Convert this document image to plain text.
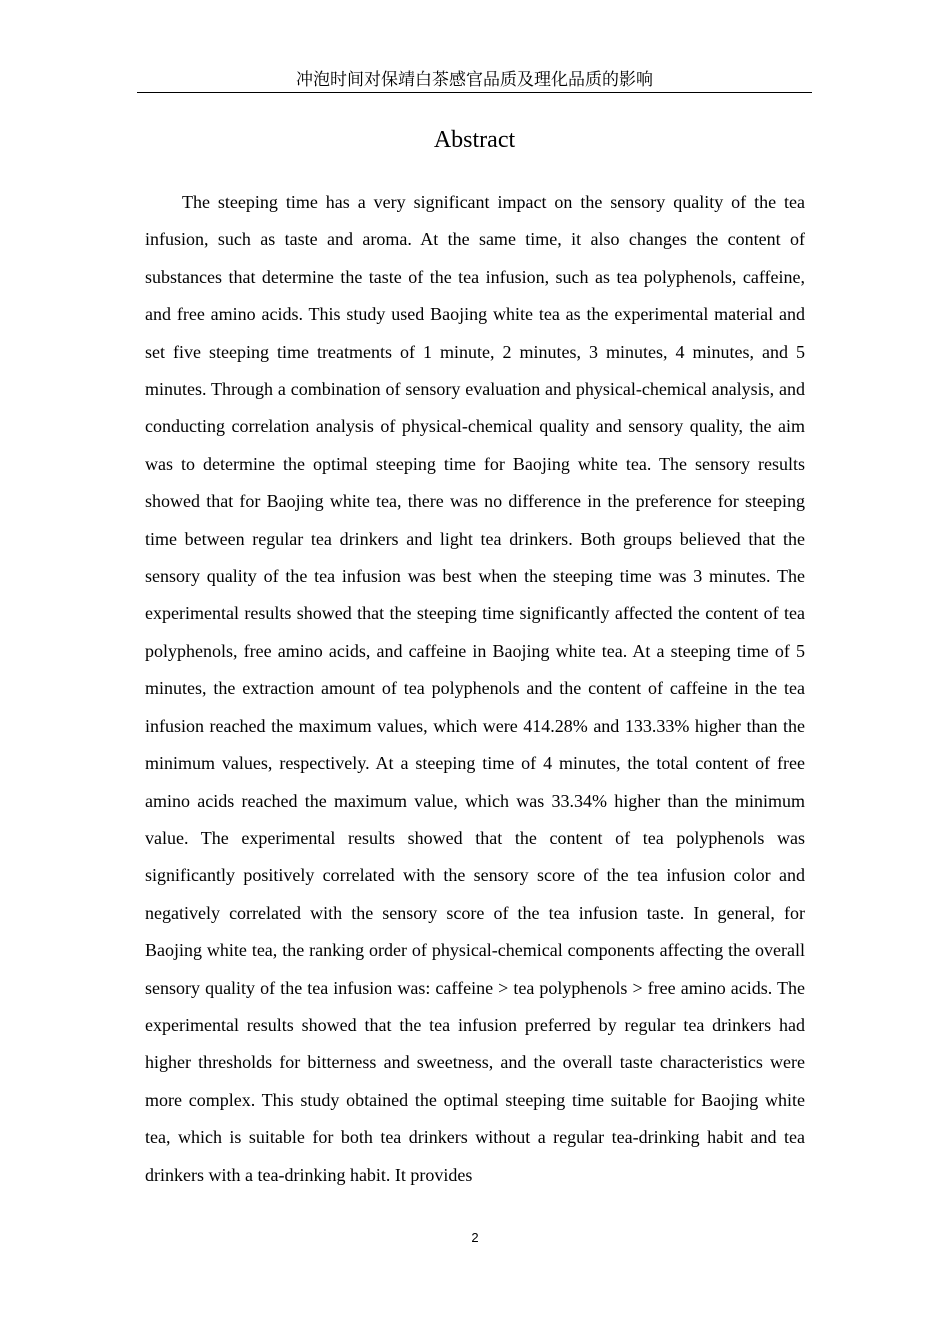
冲泡时间对保靖白茶感官品质及理化品质的影响
Abstract

The steeping time has a very significant impact on the sensory quality of the tea infusion, such as taste and aroma. At the same time, it also changes the content of substances that determine the taste of the tea infusion, such as tea polyphenols, caffeine, and free amino acids. This study used Baojing white tea as the experimental material and set five steeping time treatments of 1 minute, 2 minutes, 3 minutes, 4 minutes, and 5 minutes. Through a combination of sensory evaluation and physical-chemical analysis, and conducting correlation analysis of physical-chemical quality and sensory quality, the aim was to determine the optimal steeping time for Baojing white tea. The sensory results showed that for Baojing white tea, there was no difference in the preference for steeping time between regular tea drinkers and light tea drinkers. Both groups believed that the sensory quality of the tea infusion was best when the steeping time was 3 minutes. The experimental results showed that the steeping time significantly affected the content of tea polyphenols, free amino acids, and caffeine in Baojing white tea. At a steeping time of 5 minutes, the extraction amount of tea polyphenols and the content of caffeine in the tea infusion reached the maximum values, which were 414.28% and 133.33% higher than the minimum values, respectively. At a steeping time of 4 minutes, the total content of free amino acids reached the maximum value, which was 33.34% higher than the minimum value. The experimental results showed that the content of tea polyphenols was significantly positively correlated with the sensory score of the tea infusion color and negatively correlated with the sensory score of the tea infusion taste. In general, for Baojing white tea, the ranking order of physical-chemical components affecting the overall sensory quality of the tea infusion was: caffeine > tea polyphenols > free amino acids. The experimental results showed that the tea infusion preferred by regular tea drinkers had higher thresholds for bitterness and sweetness, and the overall taste characteristics were more complex. This study obtained the optimal steeping time suitable for Baojing white tea, which is suitable for both tea drinkers without a regular tea-drinking habit and tea drinkers with a tea-drinking habit. It provides

2
